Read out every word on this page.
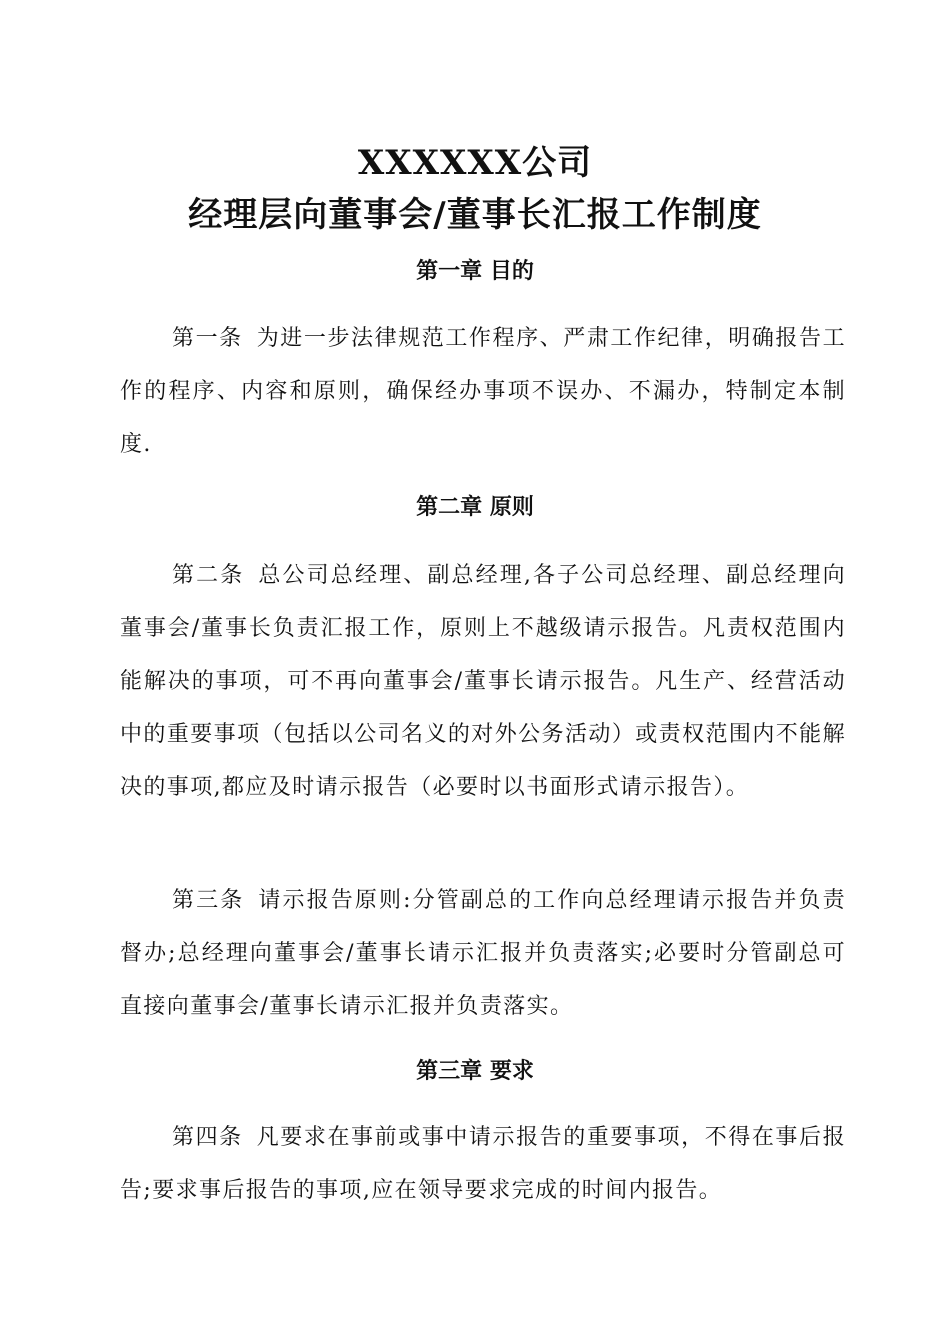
XXXXXX公司
经理层向董事会/董事长汇报工作制度
第一章 目的

第一条 为进一步法律规范工作程序、严肃工作纪律，明确报告工作的程序、内容和原则，确保经办事项不误办、不漏办，特制定本制度.

第二章 原则

第二条 总公司总经理、副总经理,各子公司总经理、副总经理向董事会/董事长负责汇报工作，原则上不越级请示报告。凡责权范围内能解决的事项，可不再向董事会/董事长请示报告。凡生产、经营活动中的重要事项（包括以公司名义的对外公务活动）或责权范围内不能解决的事项,都应及时请示报告（必要时以书面形式请示报告）。

第三条 请示报告原则:分管副总的工作向总经理请示报告并负责督办;总经理向董事会/董事长请示汇报并负责落实;必要时分管副总可直接向董事会/董事长请示汇报并负责落实。

第三章 要求

第四条 凡要求在事前或事中请示报告的重要事项，不得在事后报告;要求事后报告的事项,应在领导要求完成的时间内报告。
